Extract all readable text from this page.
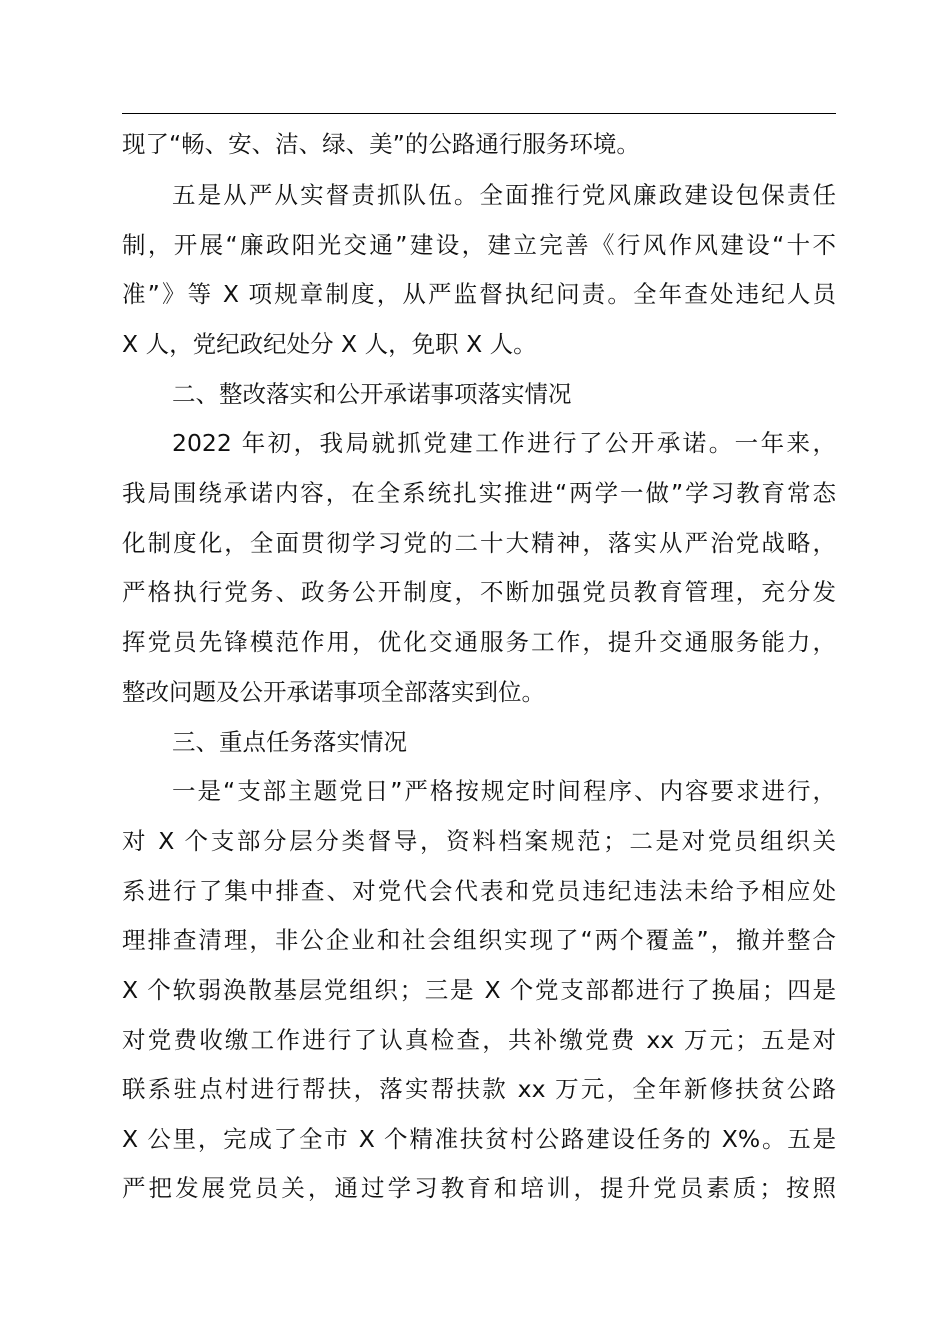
现了“畅、安、洁、绿、美”的公路通行服务环境。
五是从严从实督责抓队伍。全面推行党风廉政建设包保责任
制，开展“廉政阳光交通”建设，建立完善《行风作风建设“十不
准”》等 X 项规章制度，从严监督执纪问责。全年查处违纪人员
X 人，党纪政纪处分 X 人，免职 X 人。
二、整改落实和公开承诺事项落实情况
2022 年初，我局就抓党建工作进行了公开承诺。一年来，
我局围绕承诺内容，在全系统扎实推进“两学一做”学习教育常态
化制度化，全面贯彻学习党的二十大精神，落实从严治党战略，
严格执行党务、政务公开制度，不断加强党员教育管理，充分发
挥党员先锋模范作用，优化交通服务工作，提升交通服务能力，
整改问题及公开承诺事项全部落实到位。
三、重点任务落实情况
一是“支部主题党日”严格按规定时间程序、内容要求进行，
对 X 个支部分层分类督导，资料档案规范；二是对党员组织关
系进行了集中排查、对党代会代表和党员违纪违法未给予相应处
理排查清理，非公企业和社会组织实现了“两个覆盖”，撤并整合
X 个软弱涣散基层党组织；三是 X 个党支部都进行了换届；四是
对党费收缴工作进行了认真检查，共补缴党费 xx 万元；五是对
联系驻点村进行帮扶，落实帮扶款 xx 万元，全年新修扶贫公路
X 公里，完成了全市 X 个精准扶贫村公路建设任务的 X%。五是
严把发展党员关，通过学习教育和培训，提升党员素质；按照
